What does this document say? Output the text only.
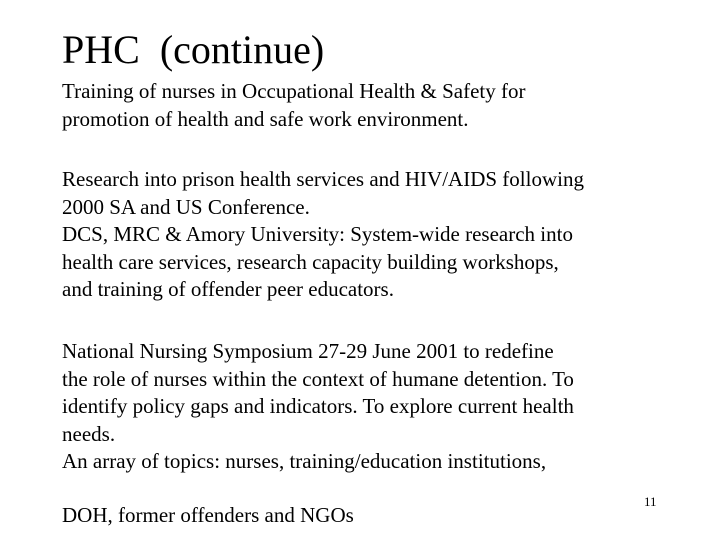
PHC  (continue)
Training of nurses in Occupational Health & Safety for
promotion of health and safe work environment.
Research into prison health services and HIV/AIDS following
2000 SA and US Conference.
DCS, MRC & Amory University: System-wide research into
health care services, research capacity building workshops,
and training of offender peer educators.
National Nursing Symposium 27-29 June 2001 to redefine
the role of nurses within the context of humane detention. To
identify policy gaps and indicators. To explore current health
needs.
An array of topics: nurses, training/education institutions,
DOH, former offenders and NGOs
11
